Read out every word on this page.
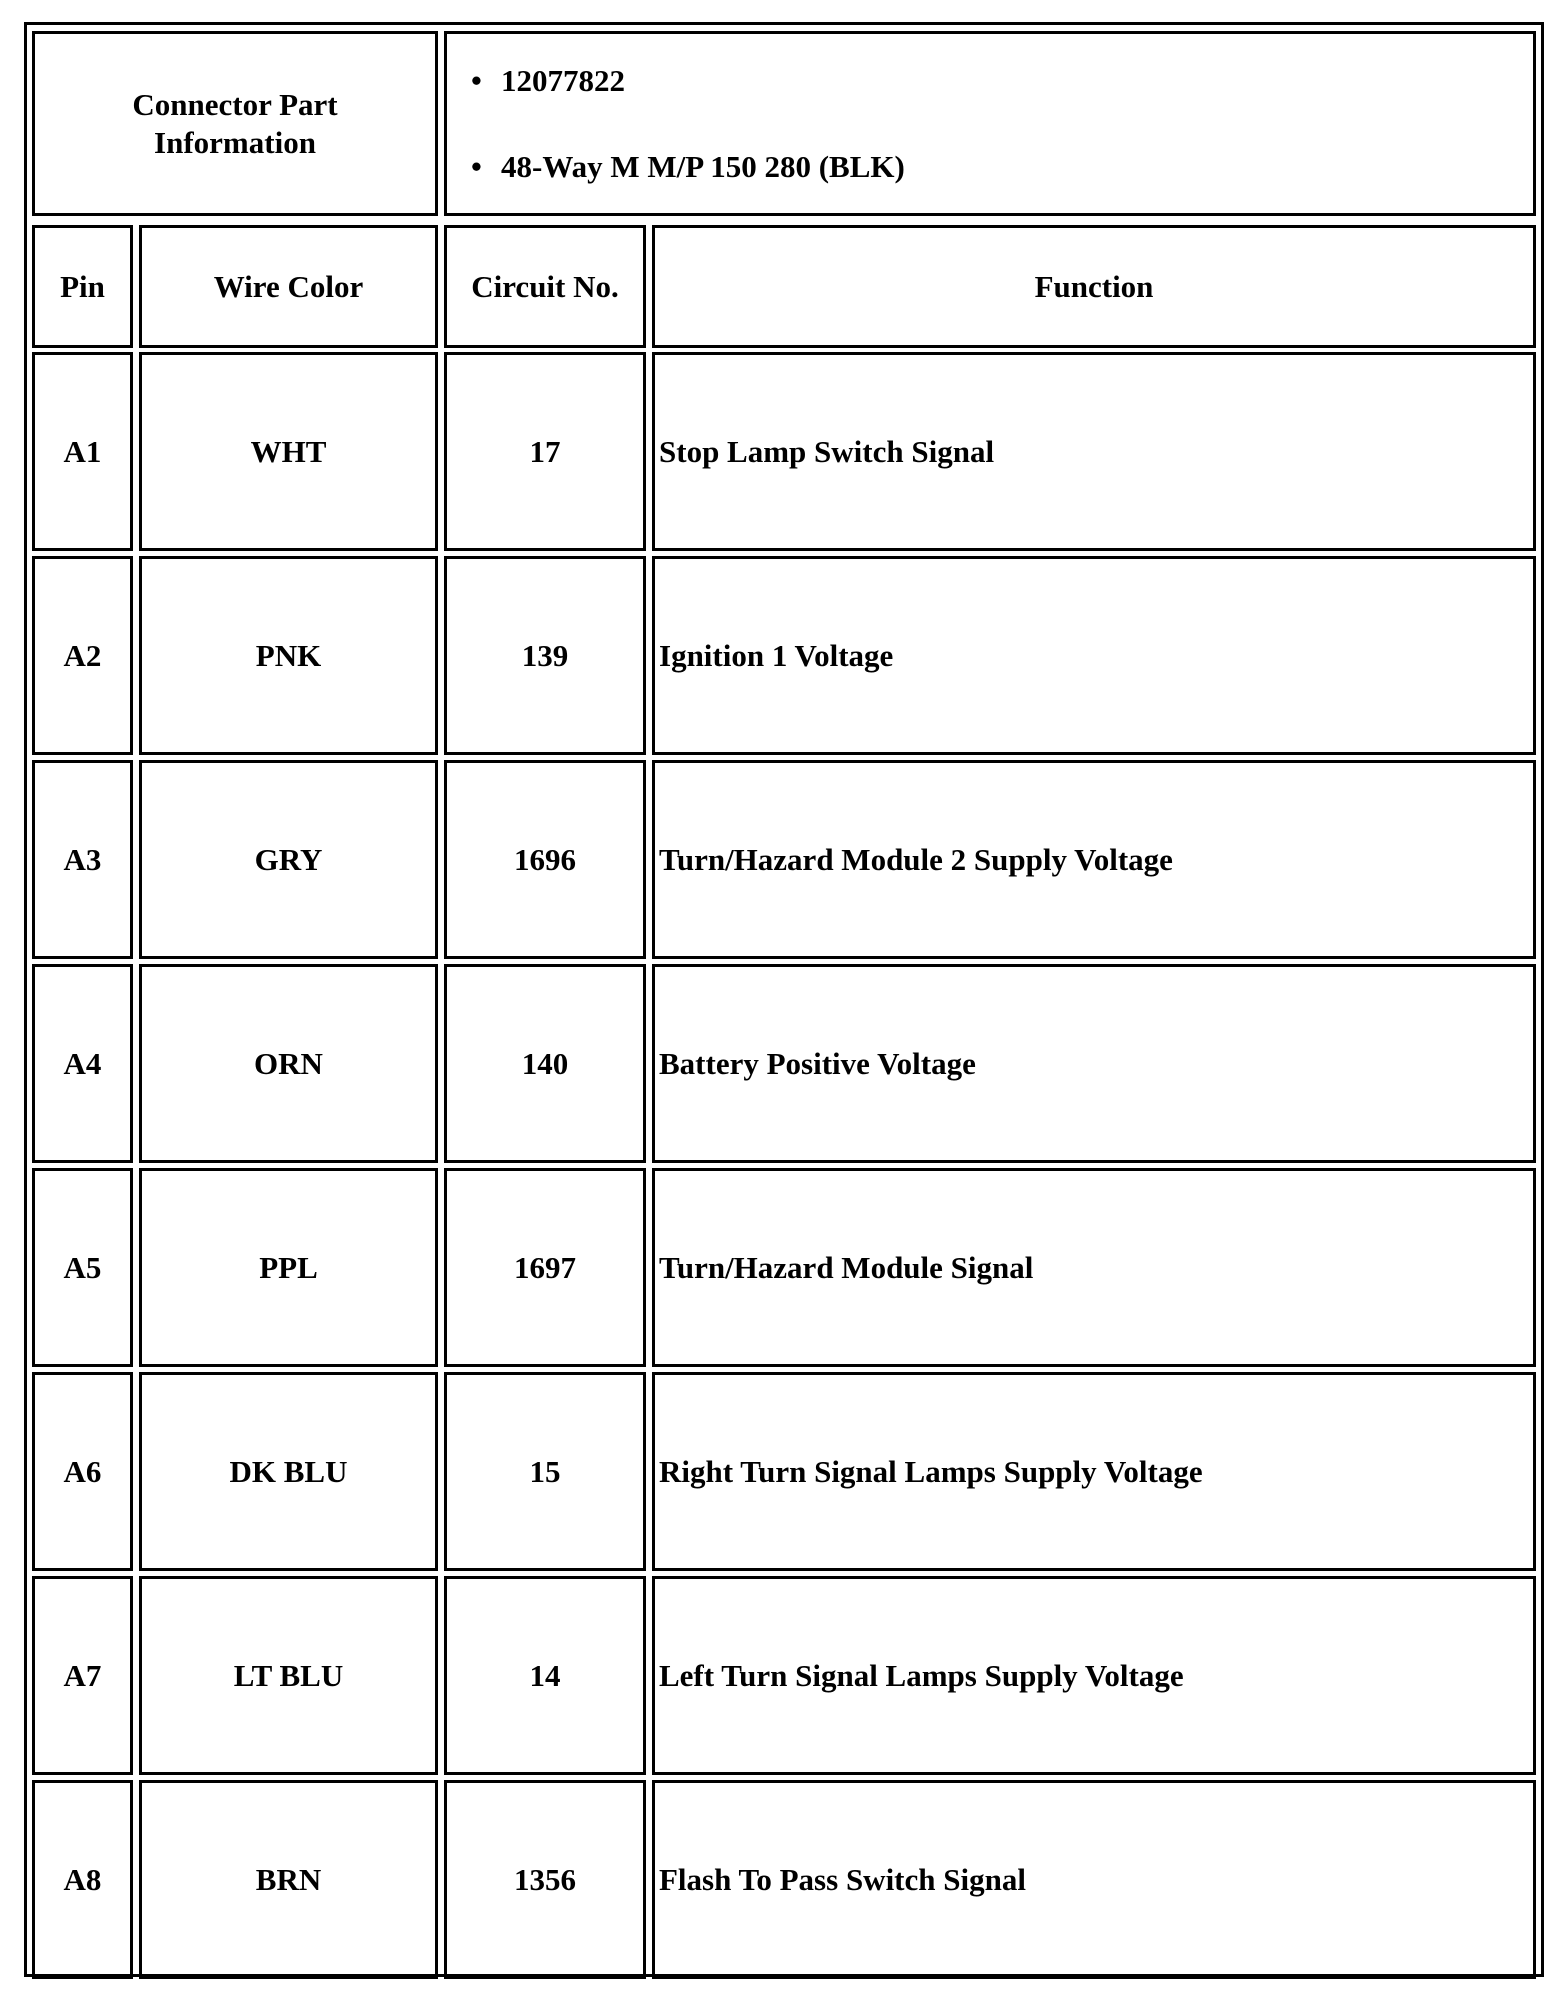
Connector Part Information
• 12077822
• 48-Way M M/P 150 280 (BLK)
Pin	Wire Color	Circuit No.	Function
A1	WHT	17	Stop Lamp Switch Signal
A2	PNK	139	Ignition 1 Voltage
A3	GRY	1696	Turn/Hazard Module 2 Supply Voltage
A4	ORN	140	Battery Positive Voltage
A5	PPL	1697	Turn/Hazard Module Signal
A6	DK BLU	15	Right Turn Signal Lamps Supply Voltage
A7	LT BLU	14	Left Turn Signal Lamps Supply Voltage
A8	BRN	1356	Flash To Pass Switch Signal
